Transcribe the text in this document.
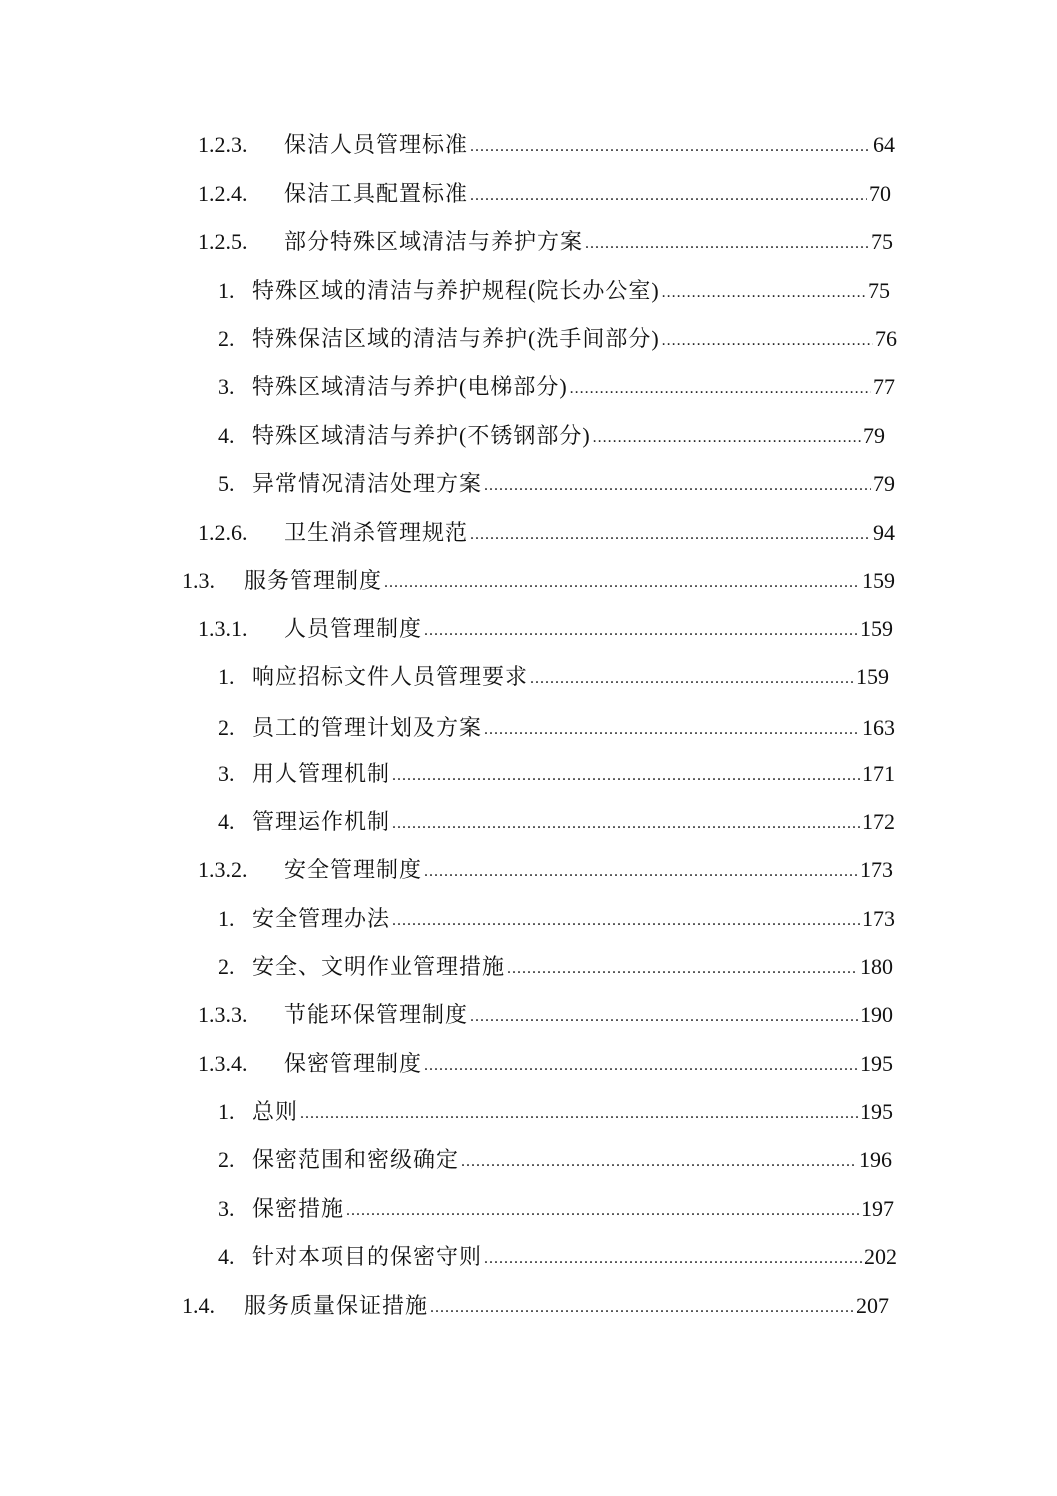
1.2.3.	保洁人员管理标准 .....	64
1.2.4.	保洁工具配置标准 .....	70
1.2.5.	部分特殊区域清洁与养护方案 .....	75
1. 特殊区域的清洁与养护规程(院长办公室) .....	75
2. 特殊保洁区域的清洁与养护(洗手间部分) .....	76
3. 特殊区域清洁与养护(电梯部分) .....	77
4. 特殊区域清洁与养护(不锈钢部分) .....	79
5. 异常情况清洁处理方案 .....	79
1.2.6.	卫生消杀管理规范 .....	94
1.3.	服务管理制度 .....	159
1.3.1.	人员管理制度 .....	159
1. 响应招标文件人员管理要求 .....	159
2. 员工的管理计划及方案 .....	163
3. 用人管理机制 .....	171
4. 管理运作机制 .....	172
1.3.2.	安全管理制度 .....	173
1. 安全管理办法 .....	173
2. 安全、文明作业管理措施 .....	180
1.3.3.	节能环保管理制度 .....	190
1.3.4.	保密管理制度 .....	195
1. 总则 .....	195
2. 保密范围和密级确定 .....	196
3. 保密措施 .....	197
4. 针对本项目的保密守则 .....	202
1.4.	服务质量保证措施 .....	207
